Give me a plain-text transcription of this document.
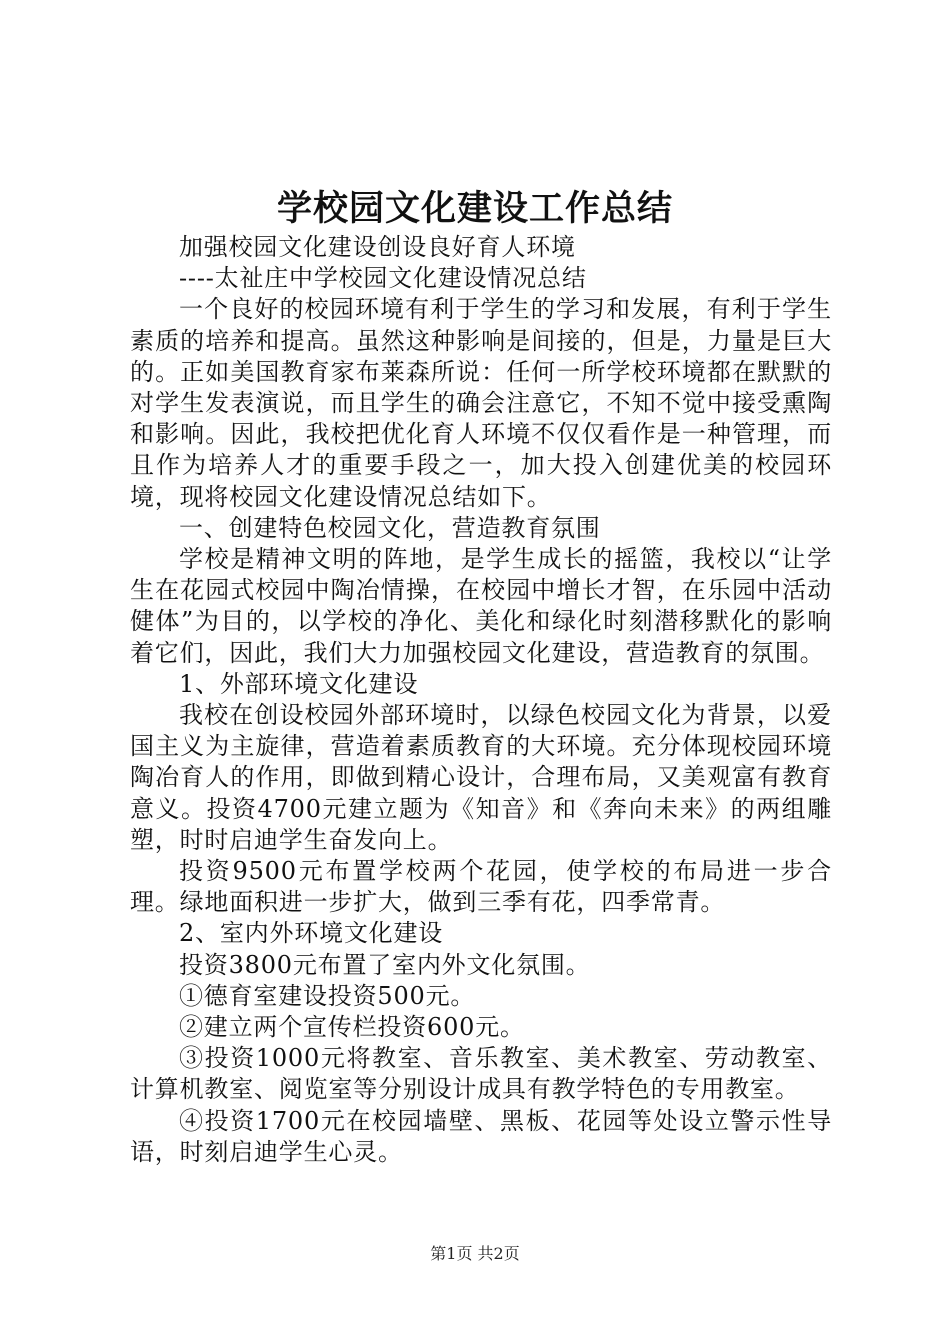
学校园文化建设工作总结

加强校园文化建设创设良好育人环境

----太祉庄中学校园文化建设情况总结

一个良好的校园环境有利于学生的学习和发展，有利于学生素质的培养和提高。虽然这种影响是间接的，但是，力量是巨大的。正如美国教育家布莱森所说：任何一所学校环境都在默默的对学生发表演说，而且学生的确会注意它，不知不觉中接受熏陶和影响。因此，我校把优化育人环境不仅仅看作是一种管理，而且作为培养人才的重要手段之一，加大投入创建优美的校园环境，现将校园文化建设情况总结如下。

一、创建特色校园文化，营造教育氛围

学校是精神文明的阵地，是学生成长的摇篮，我校以“让学生在花园式校园中陶冶情操，在校园中增长才智，在乐园中活动健体”为目的，以学校的净化、美化和绿化时刻潜移默化的影响着它们，因此，我们大力加强校园文化建设，营造教育的氛围。

1、外部环境文化建设

我校在创设校园外部环境时，以绿色校园文化为背景，以爱国主义为主旋律，营造着素质教育的大环境。充分体现校园环境陶冶育人的作用，即做到精心设计，合理布局，又美观富有教育意义。投资4700元建立题为《知音》和《奔向未来》的两组雕塑，时时启迪学生奋发向上。

投资9500元布置学校两个花园，使学校的布局进一步合理。绿地面积进一步扩大，做到三季有花，四季常青。

2、室内外环境文化建设

投资3800元布置了室内外文化氛围。

①德育室建设投资500元。

②建立两个宣传栏投资600元。

③投资1000元将教室、音乐教室、美术教室、劳动教室、计算机教室、阅览室等分别设计成具有教学特色的专用教室。

④投资1700元在校园墙壁、黑板、花园等处设立警示性导语，时刻启迪学生心灵。

第1页 共2页
